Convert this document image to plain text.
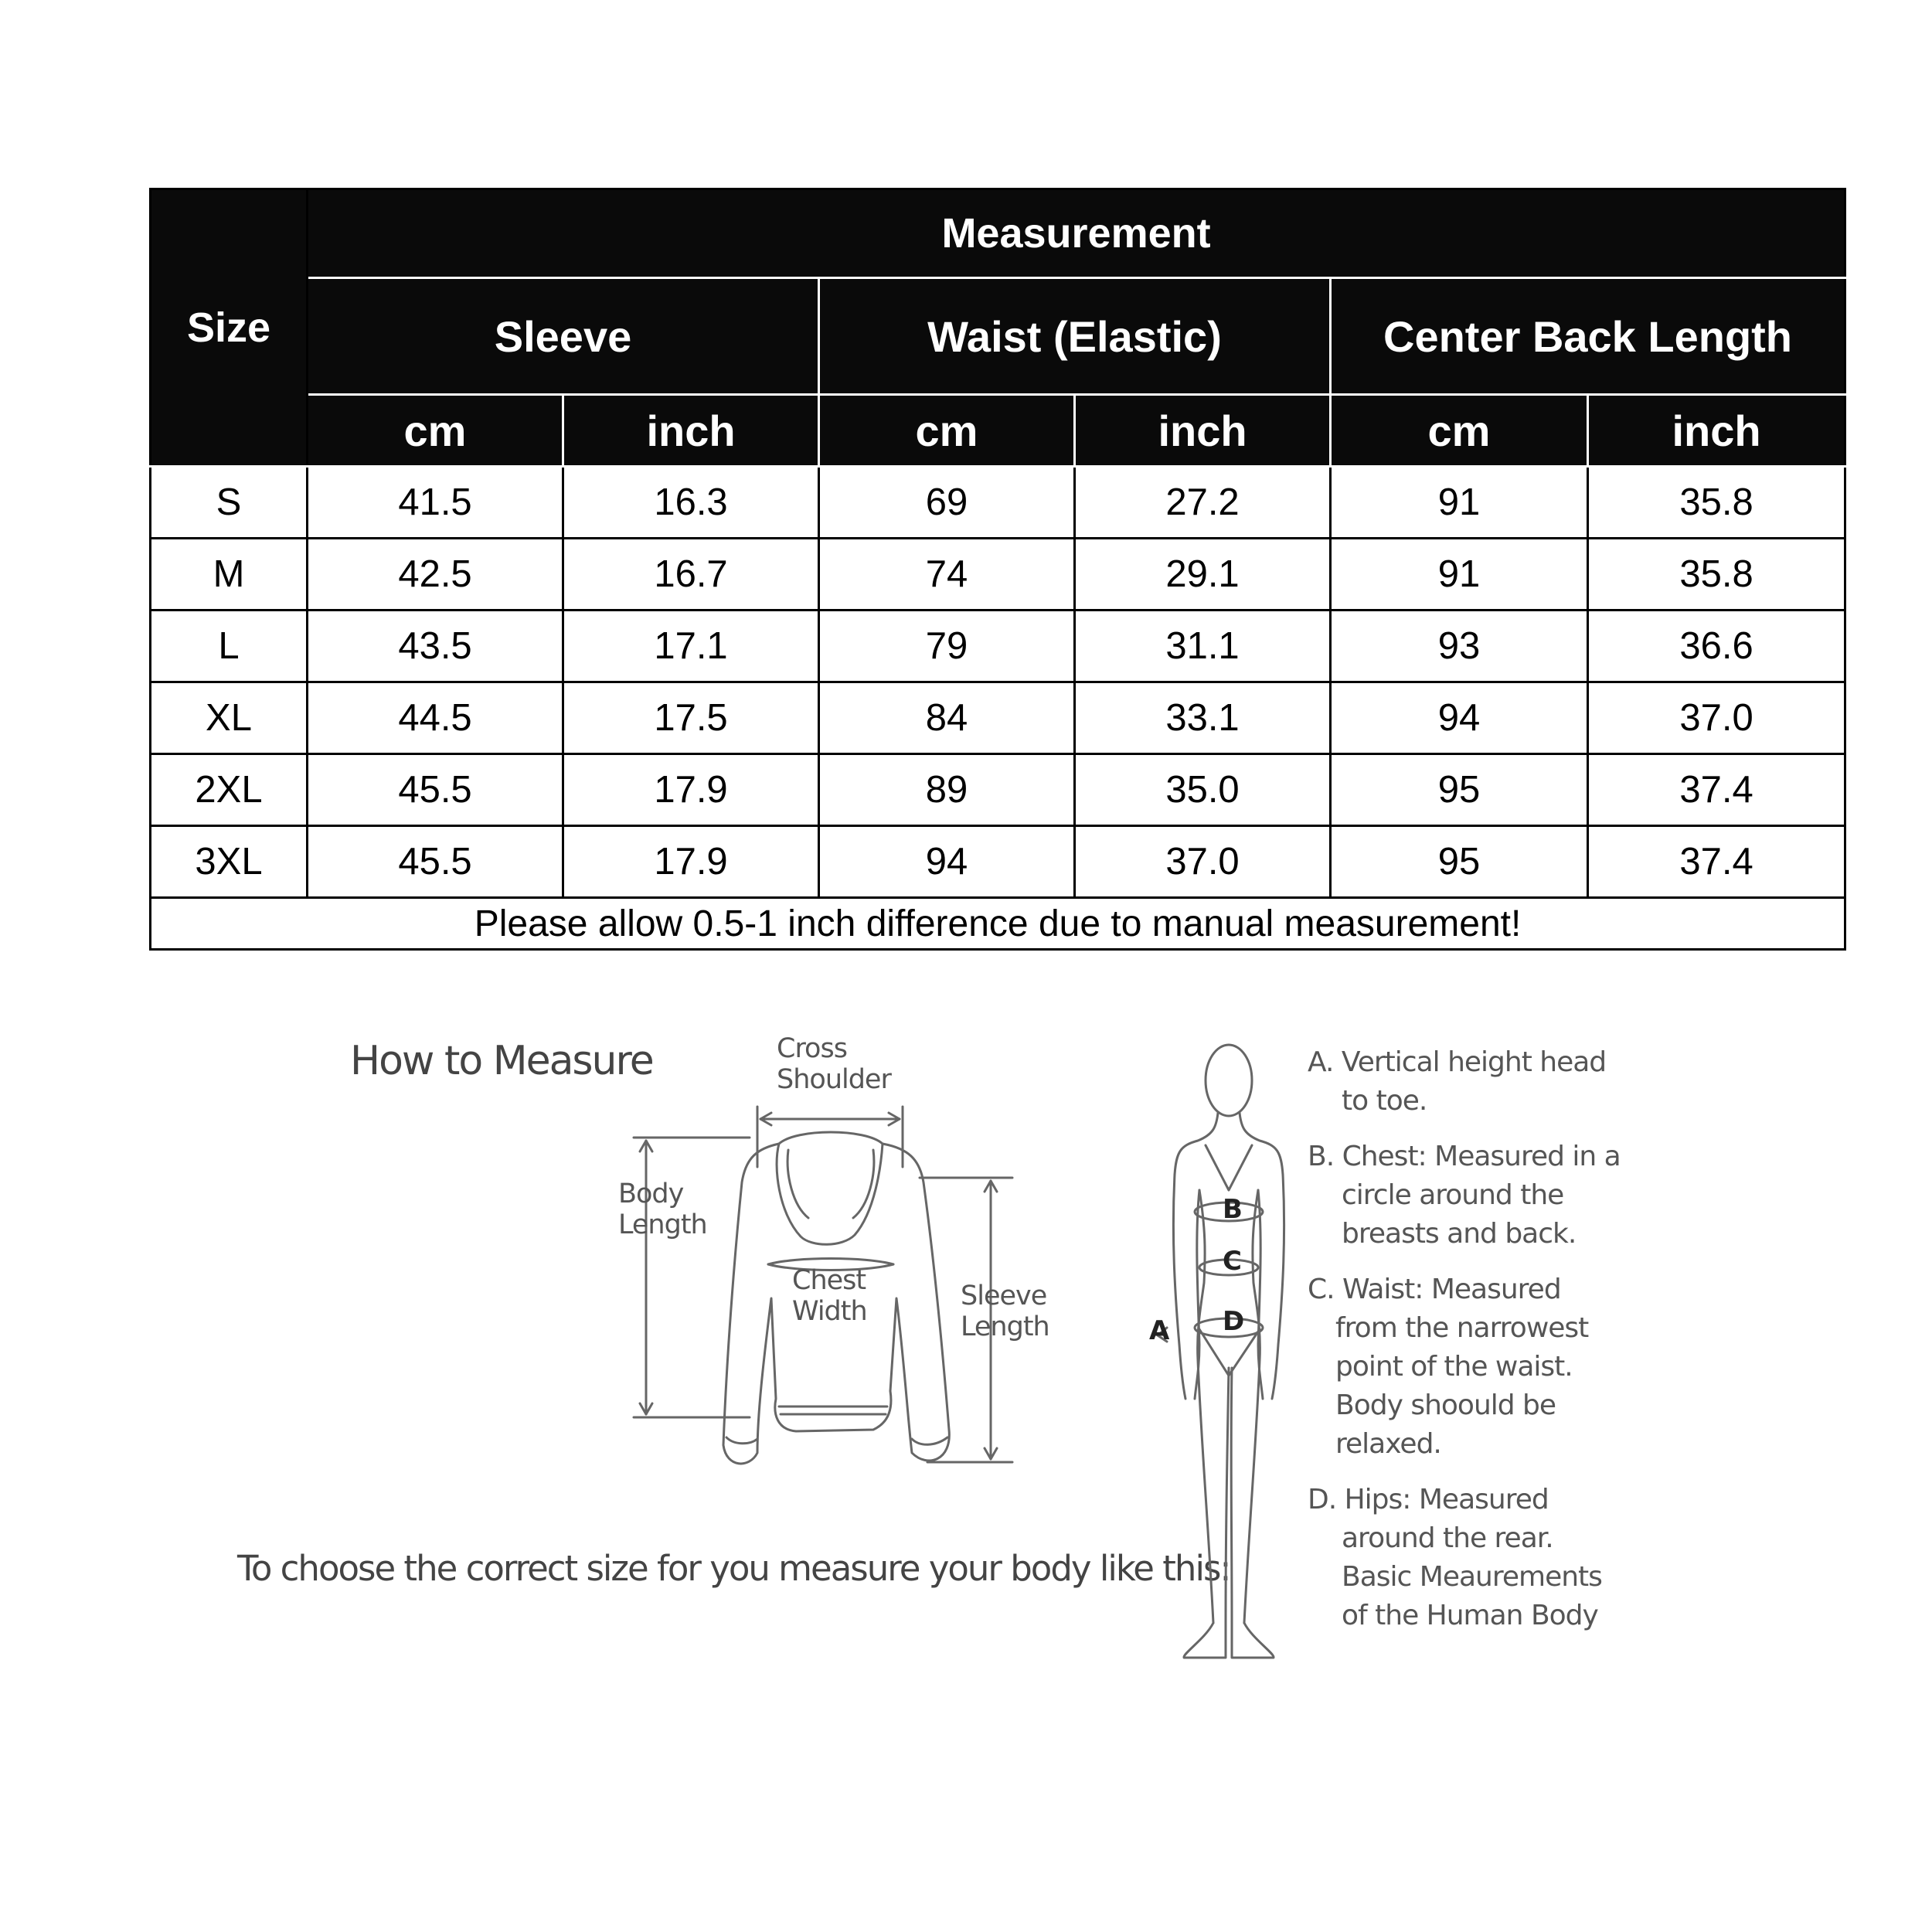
Size	Measurement					
	Sleeve		Waist (Elastic)		Center Back Length	
	cm	inch	cm	inch	cm	inch
S	41.5	16.3	69	27.2	91	35.8
M	42.5	16.7	74	29.1	91	35.8
L	43.5	17.1	79	31.1	93	36.6
XL	44.5	17.5	84	33.1	94	37.0
2XL	45.5	17.9	89	35.0	95	37.4
3XL	45.5	17.9	94	37.0	95	37.4
Please allow 0.5-1 inch difference due to manual measurement!						
How to Measure
To choose the correct size for you measure your body like this:
Cross
Shoulder
Body
Length
Chest
Width	Sleeve
Length	A
B
C
D
A. Vertical height head
to toe.
B. Chest: Measured in a
circle around the
breasts and back.
C. Waist: Measured
from the narrowest
point of the waist.
Body shoould be
relaxed.
D. Hips: Measured
around the rear.
Basic Meaurements
of the Human Body
